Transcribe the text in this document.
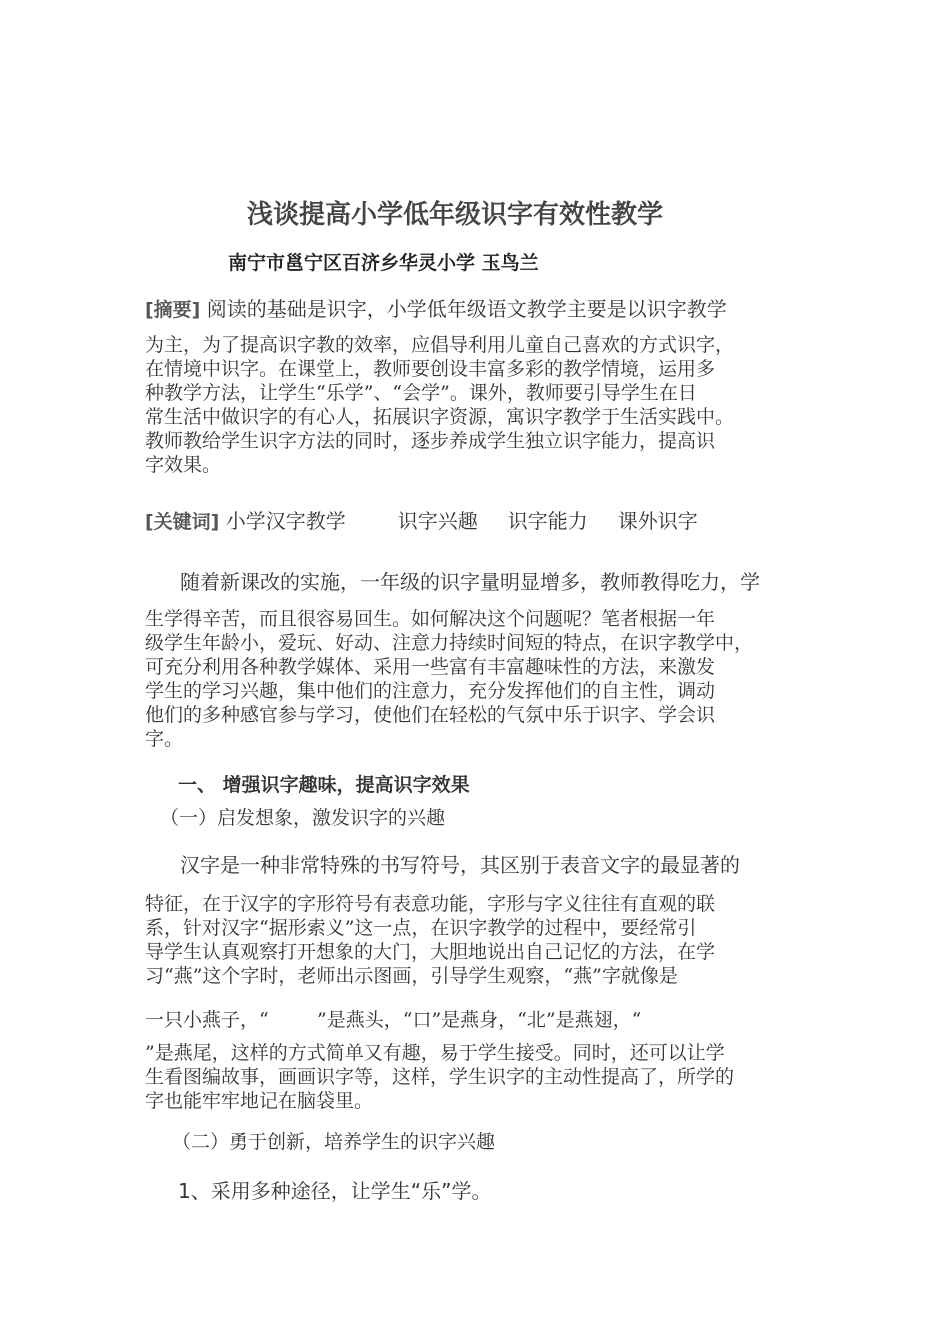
浅谈提高小学低年级识字有效性教学
南宁市邕宁区百济乡华灵小学 玉鸟兰
[摘要] 阅读的基础是识字，小学低年级语文教学主要是以识字教学
为主，为了提高识字教的效率，应倡导利用儿童自己喜欢的方式识字，
在情境中识字。在课堂上，教师要创设丰富多彩的教学情境，运用多
种教学方法，让学生“乐学”、“会学”。课外，教师要引导学生在日
常生活中做识字的有心人，拓展识字资源，寓识字教学于生活实践中。
教师教给学生识字方法的同时，逐步养成学生独立识字能力，提高识
字效果。
[关键词] 小学汉字教学	识字兴趣 识字能力 课外识字
随着新课改的实施，一年级的识字量明显增多，教师教得吃力，学
生学得辛苦，而且很容易回生。如何解决这个问题呢？笔者根据一年
级学生年龄小，爱玩、好动、注意力持续时间短的特点，在识字教学中，
可充分利用各种教学媒体、采用一些富有丰富趣味性的方法，来激发
学生的学习兴趣，集中他们的注意力，充分发挥他们的自主性，调动
他们的多种感官参与学习，使他们在轻松的气氛中乐于识字、学会识
字。
一、 增强识字趣味，提高识字效果
（一）启发想象，激发识字的兴趣
汉字是一种非常特殊的书写符号，其区别于表音文字的最显著的
特征，在于汉字的字形符号有表意功能，字形与字义往往有直观的联
系，针对汉字“据形索义”这一点，在识字教学的过程中，要经常引
导学生认真观察打开想象的大门，大胆地说出自己记忆的方法，在学
习“燕”这个字时，老师出示图画，引导学生观察，“燕”字就像是
一只小燕子，“        ”是燕头，“口”是燕身，“北”是燕翅，“
”是燕尾，这样的方式简单又有趣，易于学生接受。同时，还可以让学
生看图编故事，画画识字等，这样，学生识字的主动性提高了，所学的
字也能牢牢地记在脑袋里。
（二）勇于创新，培养学生的识字兴趣
1、采用多种途径，让学生“乐”学。
